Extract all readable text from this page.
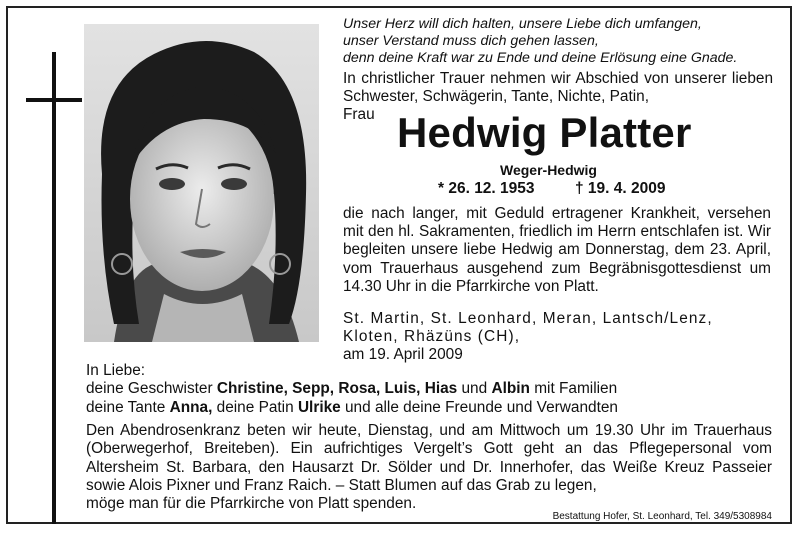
Unser Herz will dich halten, unsere Liebe dich umfangen,
unser Verstand muss dich gehen lassen,
denn deine Kraft war zu Ende und deine Erlösung eine Gnade.
In christlicher Trauer nehmen wir Abschied von unserer lieben Schwester, Schwägerin, Tante, Nichte, Patin,
Frau Hedwig Platter
Weger-Hedwig
* 26. 12. 1953	† 19. 4. 2009
die nach langer, mit Geduld ertragener Krankheit, versehen mit den hl. Sakramenten, friedlich im Herrn entschlafen ist. Wir begleiten unsere liebe Hedwig am Donnerstag, dem 23. April, vom Trauerhaus ausgehend zum Begräbnisgottesdienst um 14.30 Uhr in die Pfarrkirche von Platt.
St. Martin, St. Leonhard, Meran, Lantsch/Lenz, Kloten, Rhäzüns (CH),
am 19. April 2009
In Liebe:
deine Geschwister Christine, Sepp, Rosa, Luis, Hias und Albin mit Familien
deine Tante Anna, deine Patin Ulrike und alle deine Freunde und Verwandten
Den Abendrosenkranz beten wir heute, Dienstag, und am Mittwoch um 19.30 Uhr im Trauerhaus (Oberwegerhof, Breiteben). Ein aufrichtiges Vergelt’s Gott geht an das Pflegepersonal vom Altersheim St. Barbara, den Hausarzt Dr. Sölder und Dr. Innerhofer, das Weiße Kreuz Passeier sowie Alois Pixner und Franz Raich. – Statt Blumen auf das Grab zu legen,
möge man für die Pfarrkirche von Platt spenden.
Bestattung Hofer, St. Leonhard, Tel. 349/5308984
